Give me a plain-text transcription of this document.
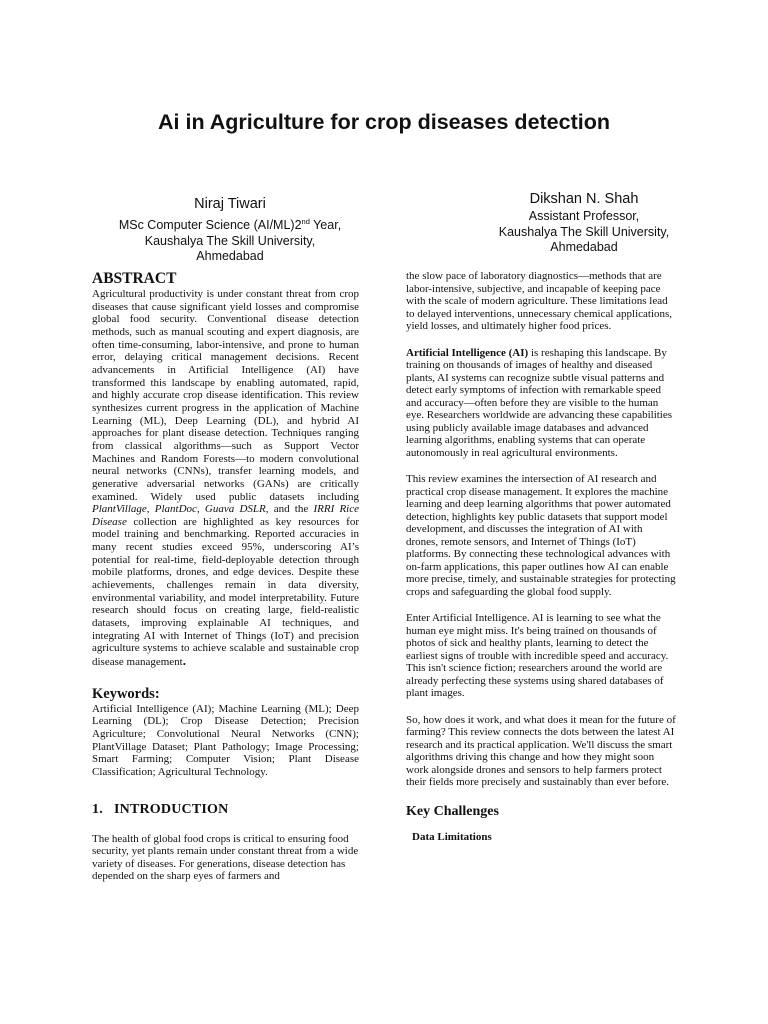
Ai in Agriculture for crop diseases detection
Niraj Tiwari
MSc Computer Science (AI/ML)2nd Year,
Kaushalya The Skill University,
Ahmedabad
Dikshan N. Shah
Assistant Professor,
Kaushalya The Skill University,
Ahmedabad
ABSTRACT

Agricultural productivity is under constant threat from crop diseases that cause significant yield losses and compromise global food security. Conventional disease detection methods, such as manual scouting and expert diagnosis, are often time-consuming, labor-intensive, and prone to human error, delaying critical management decisions. Recent advancements in Artificial Intelligence (AI) have transformed this landscape by enabling automated, rapid, and highly accurate crop disease identification. This review synthesizes current progress in the application of Machine Learning (ML), Deep Learning (DL), and hybrid AI approaches for plant disease detection. Techniques ranging from classical algorithms—such as Support Vector Machines and Random Forests—to modern convolutional neural networks (CNNs), transfer learning models, and generative adversarial networks (GANs) are critically examined. Widely used public datasets including PlantVillage, PlantDoc, Guava DSLR, and the IRRI Rice Disease collection are highlighted as key resources for model training and benchmarking. Reported accuracies in many recent studies exceed 95%, underscoring AI’s potential for real-time, field-deployable detection through mobile platforms, drones, and edge devices. Despite these achievements, challenges remain in data diversity, environmental variability, and model interpretability. Future research should focus on creating large, field-realistic datasets, improving explainable AI techniques, and integrating AI with Internet of Things (IoT) and precision agriculture systems to achieve scalable and sustainable crop disease management.

Keywords:

Artificial Intelligence (AI); Machine Learning (ML); Deep Learning (DL); Crop Disease Detection; Precision Agriculture; Convolutional Neural Networks (CNN); PlantVillage Dataset; Plant Pathology; Image Processing; Smart Farming; Computer Vision; Plant Disease Classification; Agricultural Technology.

1.   INTRODUCTION

The health of global food crops is critical to ensuring food security, yet plants remain under constant threat from a wide variety of diseases. For generations, disease detection has depended on the sharp eyes of farmers and

the slow pace of laboratory diagnostics—methods that are labor-intensive, subjective, and incapable of keeping pace with the scale of modern agriculture. These limitations lead to delayed interventions, unnecessary chemical applications, yield losses, and ultimately higher food prices.

Artificial Intelligence (AI) is reshaping this landscape. By training on thousands of images of healthy and diseased plants, AI systems can recognize subtle visual patterns and detect early symptoms of infection with remarkable speed and accuracy—often before they are visible to the human eye. Researchers worldwide are advancing these capabilities using publicly available image databases and advanced learning algorithms, enabling systems that can operate autonomously in real agricultural environments.

This review examines the intersection of AI research and practical crop disease management. It explores the machine learning and deep learning algorithms that power automated detection, highlights key public datasets that support model development, and discusses the integration of AI with drones, remote sensors, and Internet of Things (IoT) platforms. By connecting these technological advances with on-farm applications, this paper outlines how AI can enable more precise, timely, and sustainable strategies for protecting crops and safeguarding the global food supply.

Enter Artificial Intelligence. AI is learning to see what the human eye might miss. It's being trained on thousands of photos of sick and healthy plants, learning to detect the earliest signs of trouble with incredible speed and accuracy. This isn't science fiction; researchers around the world are already perfecting these systems using shared databases of plant images.

So, how does it work, and what does it mean for the future of farming? This review connects the dots between the latest AI research and its practical application. We'll discuss the smart algorithms driving this change and how they might soon work alongside drones and sensors to help farmers protect their fields more precisely and sustainably than ever before.

Key Challenges
Data Limitations
